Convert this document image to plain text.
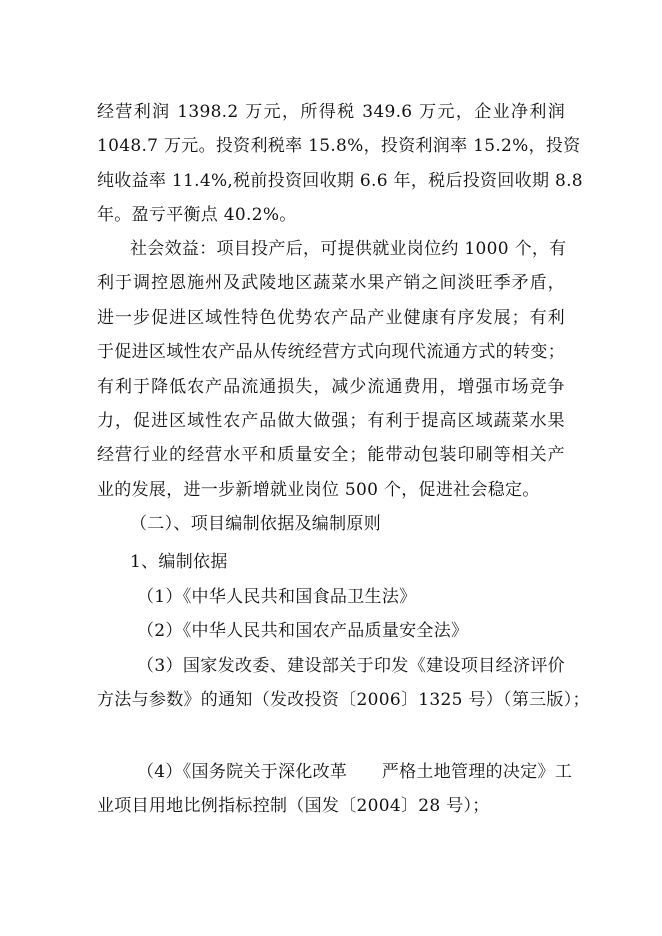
经营利润 1398.2 万元，所得税 349.6 万元，企业净利润
1048.7 万元。投资利税率 15.8%，投资利润率 15.2%，投资
纯收益率 11.4%,税前投资回收期 6.6 年，税后投资回收期 8.8
年。盈亏平衡点 40.2%。
社会效益：项目投产后，可提供就业岗位约 1000 个，有
利于调控恩施州及武陵地区蔬菜水果产销之间淡旺季矛盾，
进一步促进区域性特色优势农产品产业健康有序发展；有利
于促进区域性农产品从传统经营方式向现代流通方式的转变；
有利于降低农产品流通损失，减少流通费用，增强市场竞争
力，促进区域性农产品做大做强；有利于提高区域蔬菜水果
经营行业的经营水平和质量安全；能带动包装印刷等相关产
业的发展，进一步新增就业岗位 500 个，促进社会稳定。
（二）、项目编制依据及编制原则
1、编制依据
（1）《中华人民共和国食品卫生法》
（2）《中华人民共和国农产品质量安全法》
（3）国家发改委、建设部关于印发《建设项目经济评价
方法与参数》的通知（发改投资〔2006〕1325 号）（第三版）；
（4）《国务院关于深化改革　　严格土地管理的决定》工
业项目用地比例指标控制（国发〔2004〕28 号）；
